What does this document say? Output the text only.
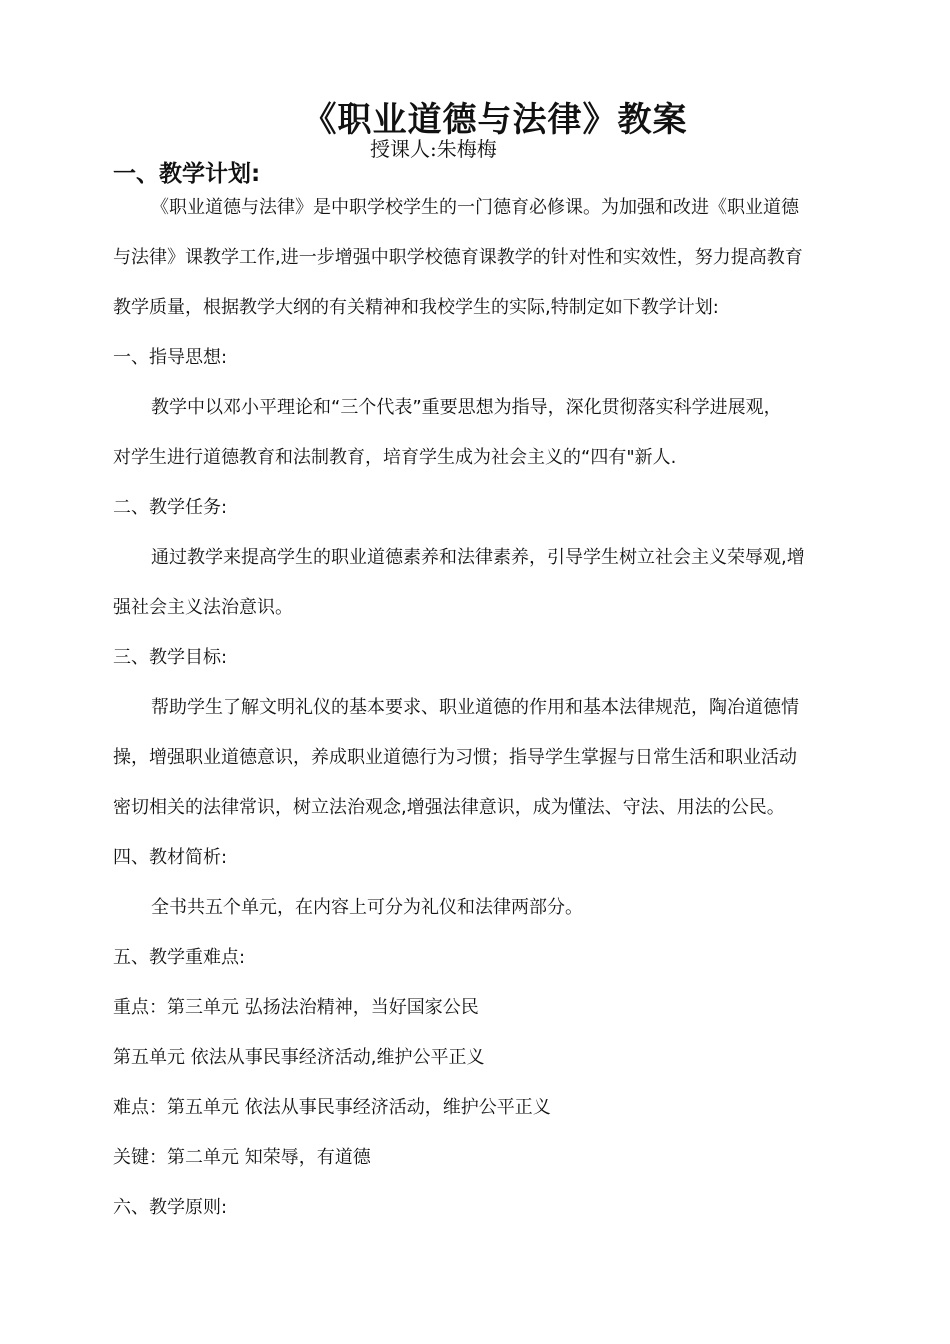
《职业道德与法律》教案

授课人:朱梅梅

一、教学计划:

《职业道德与法律》是中职学校学生的一门德育必修课。为加强和改进《职业道德

与法律》课教学工作,进一步增强中职学校德育课教学的针对性和实效性，努力提高教育

教学质量，根据教学大纲的有关精神和我校学生的实际,特制定如下教学计划:

一、指导思想:

教学中以邓小平理论和“三个代表”重要思想为指导，深化贯彻落实科学进展观，

对学生进行道德教育和法制教育，培育学生成为社会主义的“四有"新人.

二、教学任务:

通过教学来提高学生的职业道德素养和法律素养，引导学生树立社会主义荣辱观,增

强社会主义法治意识。

三、教学目标:

帮助学生了解文明礼仪的基本要求、职业道德的作用和基本法律规范，陶冶道德情

操，增强职业道德意识，养成职业道德行为习惯；指导学生掌握与日常生活和职业活动

密切相关的法律常识，树立法治观念,增强法律意识，成为懂法、守法、用法的公民。

四、教材简析:

全书共五个单元，在内容上可分为礼仪和法律两部分。

五、教学重难点:

重点：第三单元 弘扬法治精神，当好国家公民

第五单元 依法从事民事经济活动,维护公平正义

难点：第五单元 依法从事民事经济活动，维护公平正义

关键：第二单元 知荣辱，有道德

六、教学原则:
